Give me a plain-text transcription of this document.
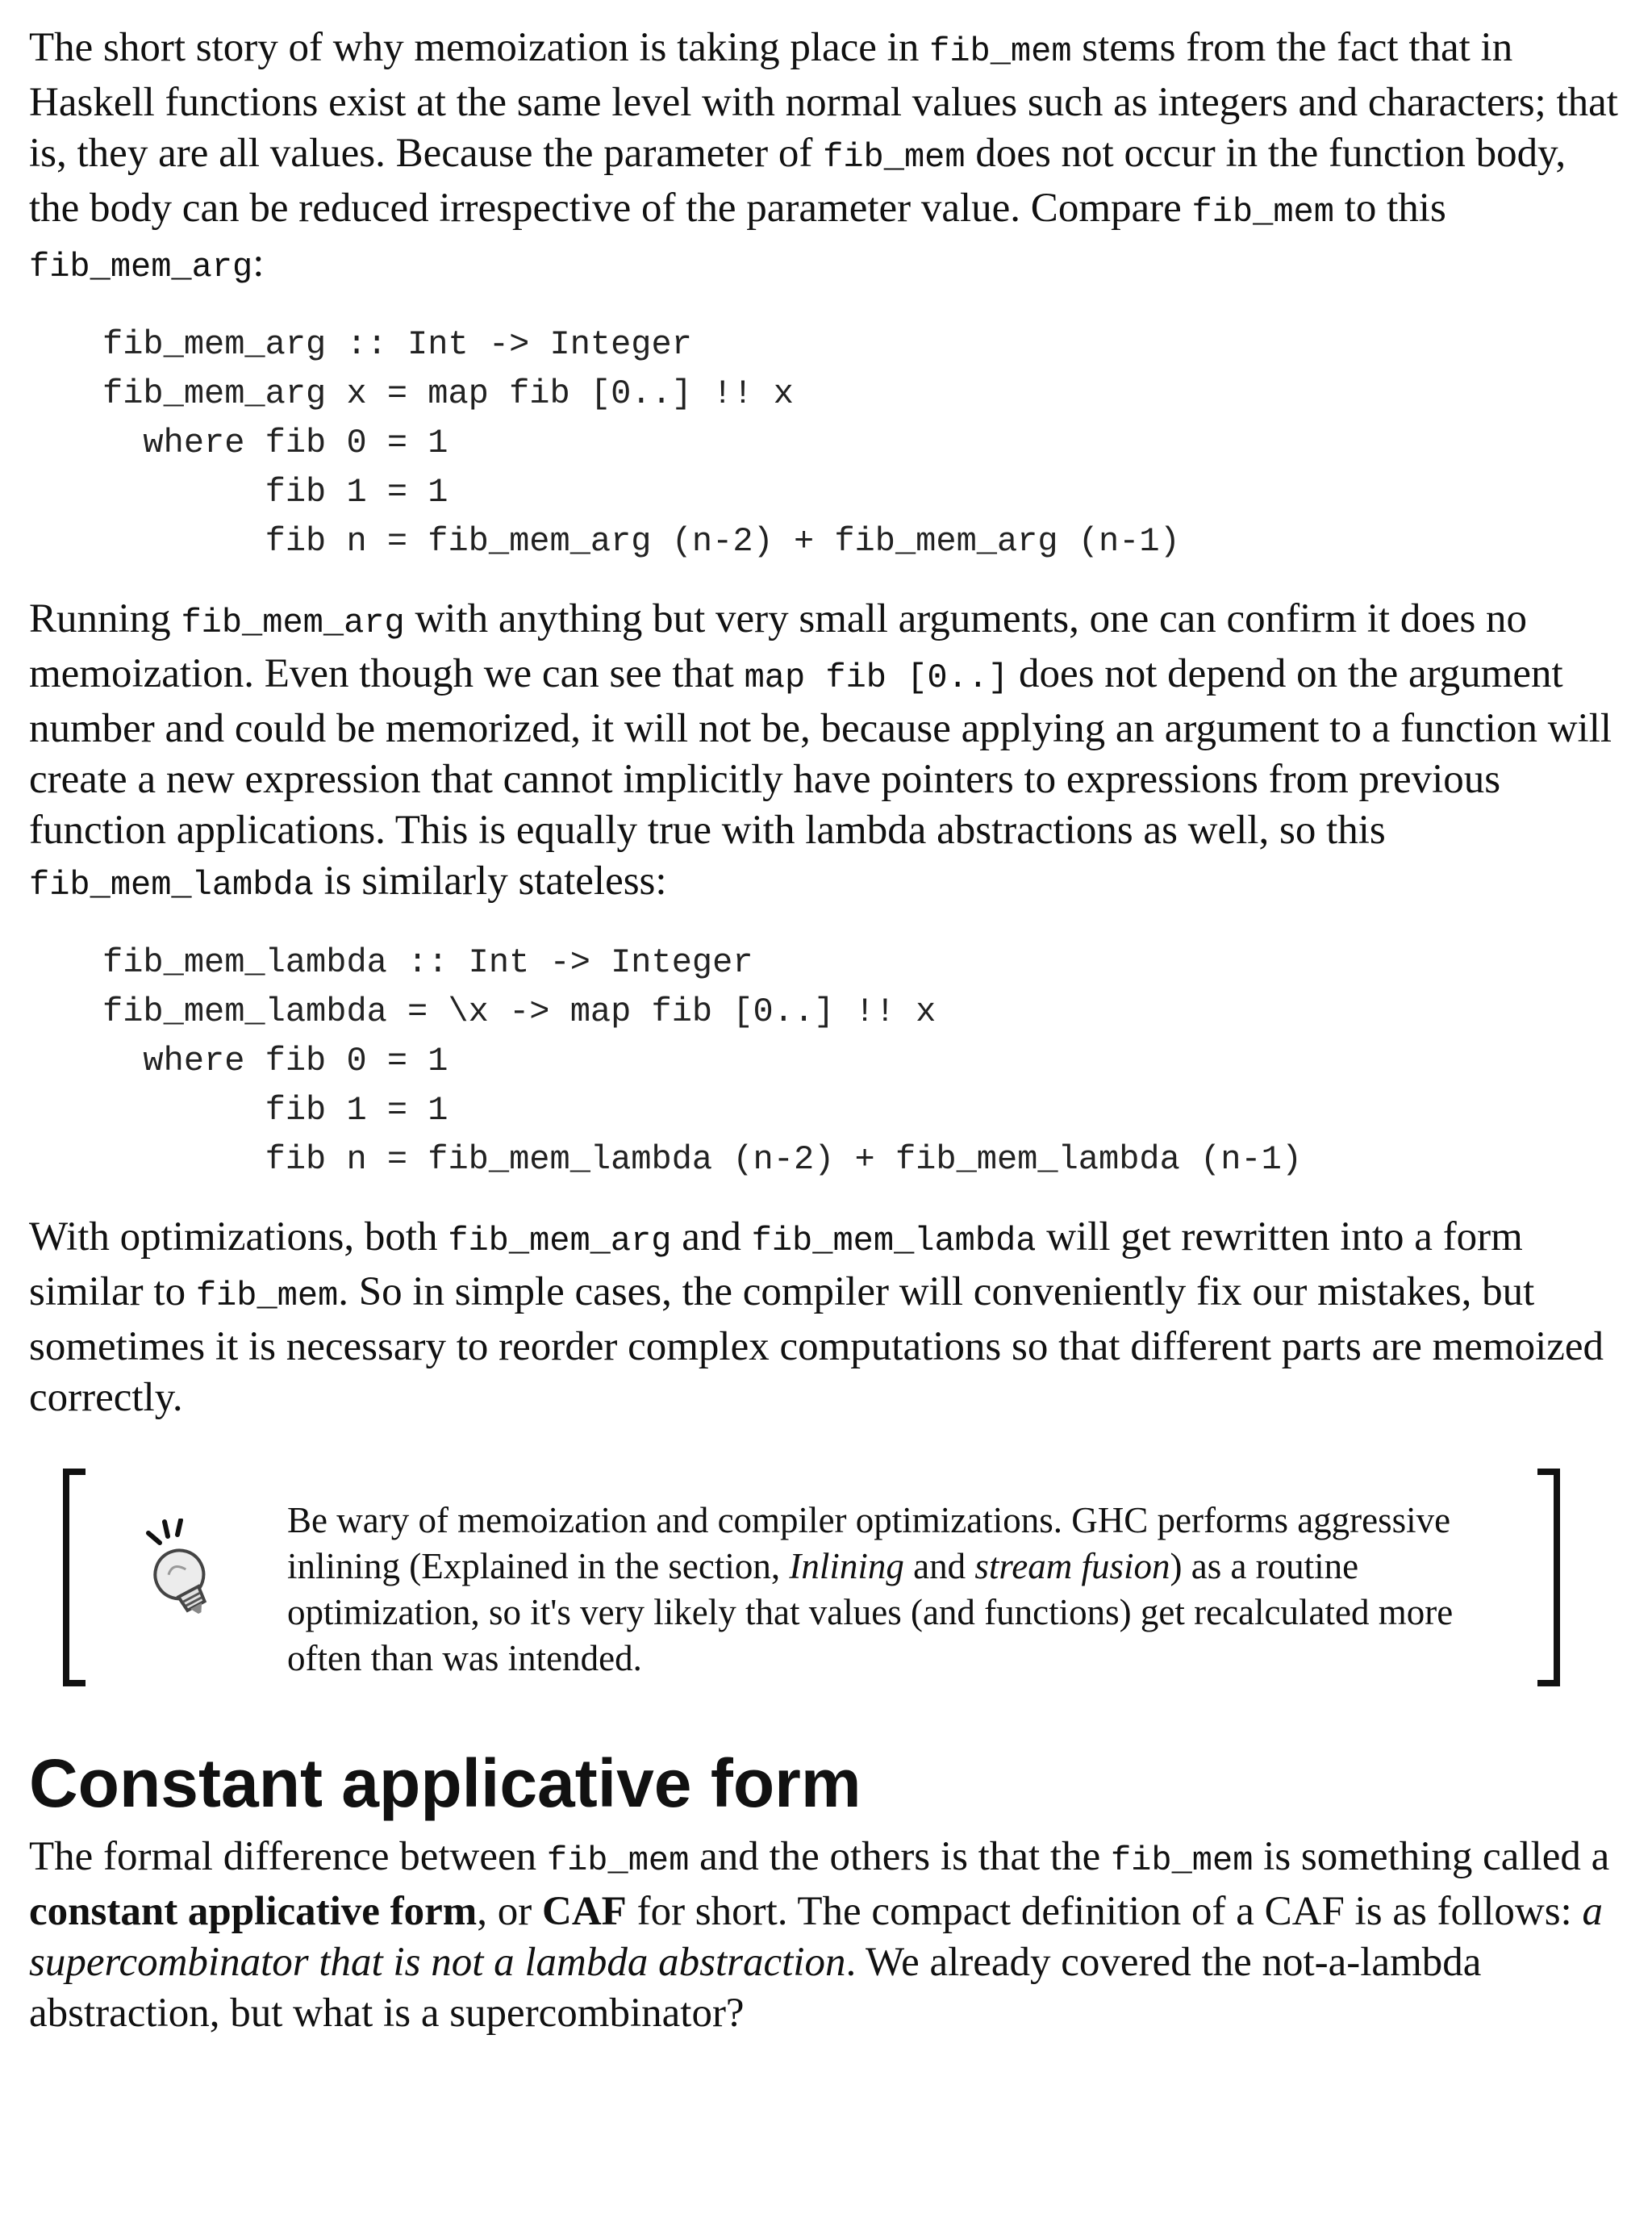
The short story of why memoization is taking place in fib_mem stems from the fact that in Haskell functions exist at the same level with normal values such as integers and characters; that is, they are all values. Because the parameter of fib_mem does not occur in the function body, the body can be reduced irrespective of the parameter value. Compare fib_mem to this fib_mem_arg:

fib_mem_arg :: Int -> Integer
fib_mem_arg x = map fib [0..] !! x
where fib 0 = 1
fib 1 = 1
fib n = fib_mem_arg (n-2) + fib_mem_arg (n-1)

Running fib_mem_arg with anything but very small arguments, one can confirm it does no memoization. Even though we can see that map fib [0..] does not depend on the argument number and could be memorized, it will not be, because applying an argument to a function will create a new expression that cannot implicitly have pointers to expressions from previous function applications. This is equally true with lambda abstractions as well, so this fib_mem_lambda is similarly stateless:

fib_mem_lambda :: Int -> Integer
fib_mem_lambda = \x -> map fib [0..] !! x
where fib 0 = 1
fib 1 = 1
fib n = fib_mem_lambda (n-2) + fib_mem_lambda (n-1)

With optimizations, both fib_mem_arg and fib_mem_lambda will get rewritten into a form similar to fib_mem. So in simple cases, the compiler will conveniently fix our mistakes, but sometimes it is necessary to reorder complex computations so that different parts are memoized correctly.

Be wary of memoization and compiler optimizations. GHC performs aggressive inlining (Explained in the section, Inlining and stream fusion) as a routine optimization, so it's very likely that values (and functions) get recalculated more often than was intended.

Constant applicative form

The formal difference between fib_mem and the others is that the fib_mem is something called a constant applicative form, or CAF for short. The compact definition of a CAF is as follows: a supercombinator that is not a lambda abstraction. We already covered the not-a-lambda abstraction, but what is a supercombinator?
